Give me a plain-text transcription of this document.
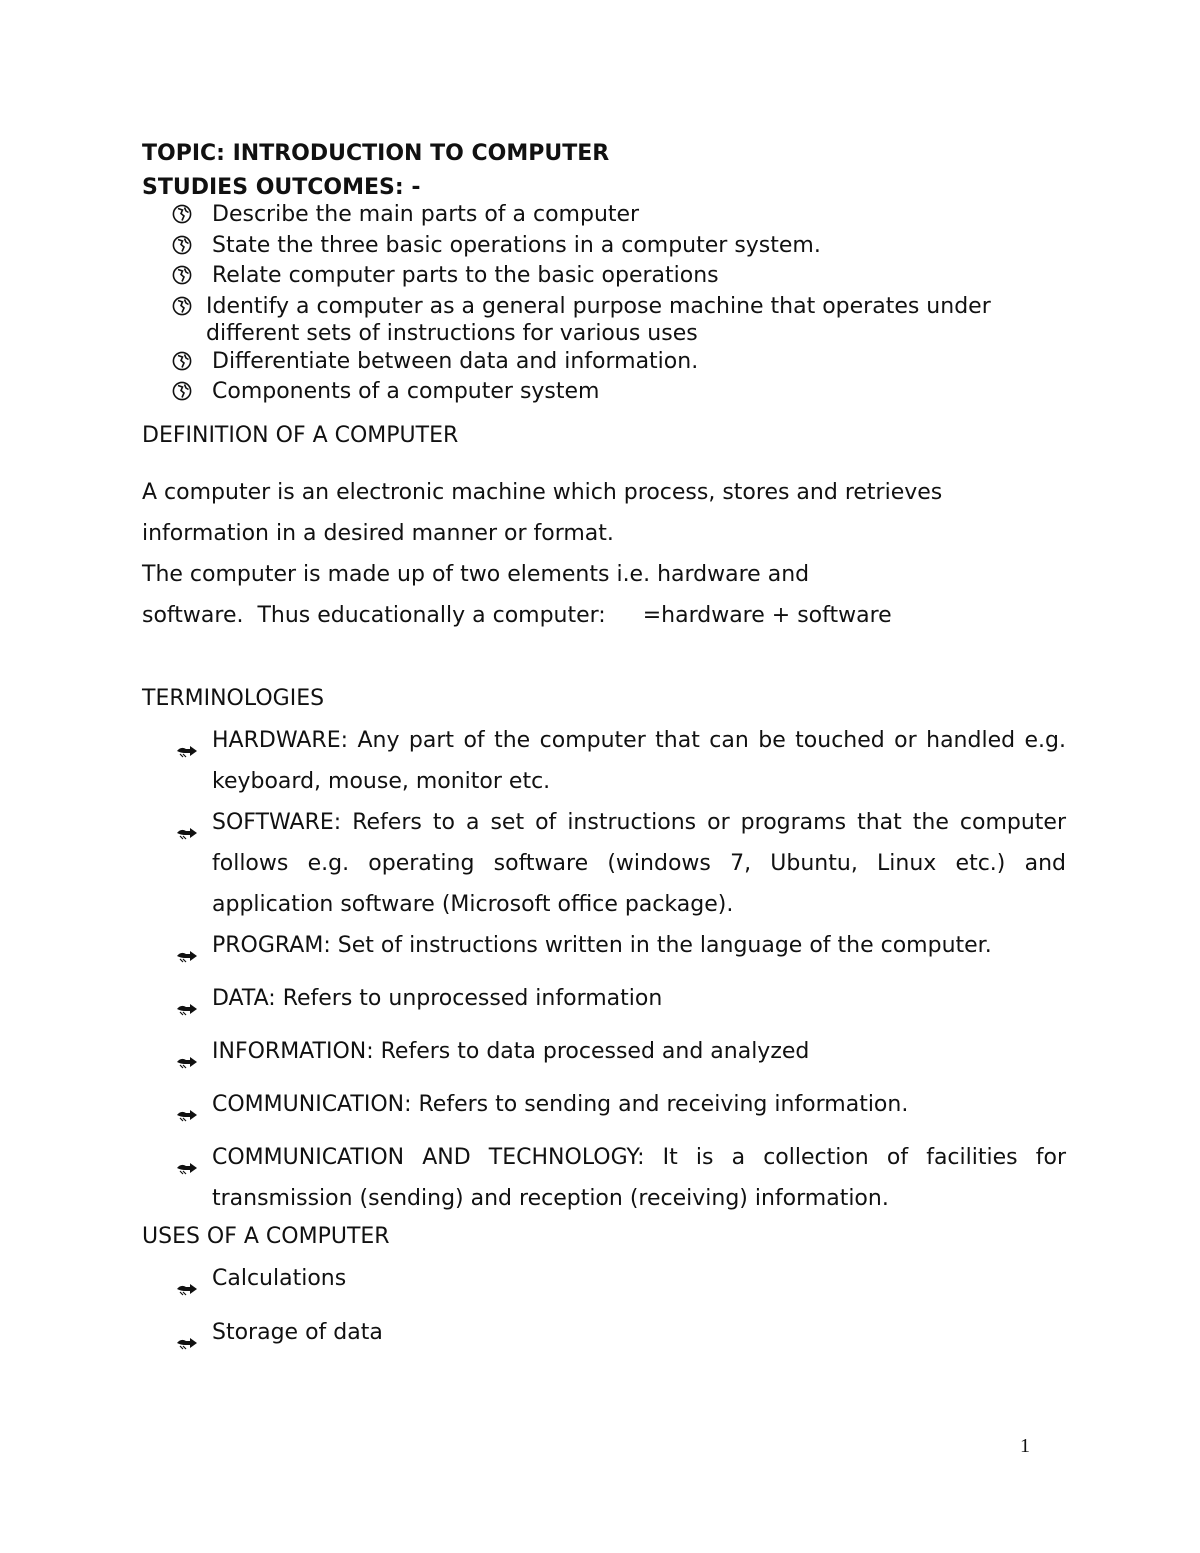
TOPIC: INTRODUCTION TO COMPUTER
STUDIES OUTCOMES: -
Describe the main parts of a computer
State the three basic operations in a computer system.
Relate computer parts to the basic operations
Identify a computer as a general purpose machine that operates under different sets of instructions for various uses
Differentiate between data and information.
Components of a computer system
DEFINITION OF A COMPUTER
A computer is an electronic machine which process, stores and retrieves
information in a desired manner or format.
The computer is made up of two elements i.e. hardware and
software.  Thus educationally a computer: =hardware + software
TERMINOLOGIES
HARDWARE: Any part of the computer that can be touched or handled e.g. keyboard, mouse, monitor etc.
SOFTWARE: Refers to a set of instructions or programs that the computer follows e.g. operating software (windows 7, Ubuntu, Linux etc.) and application software (Microsoft office package).
PROGRAM: Set of instructions written in the language of the computer.
DATA: Refers to unprocessed information
INFORMATION: Refers to data processed and analyzed
COMMUNICATION: Refers to sending and receiving information.
COMMUNICATION AND TECHNOLOGY: It is a collection of facilities for transmission (sending) and reception (receiving) information.
USES OF A COMPUTER
Calculations
Storage of data
1
